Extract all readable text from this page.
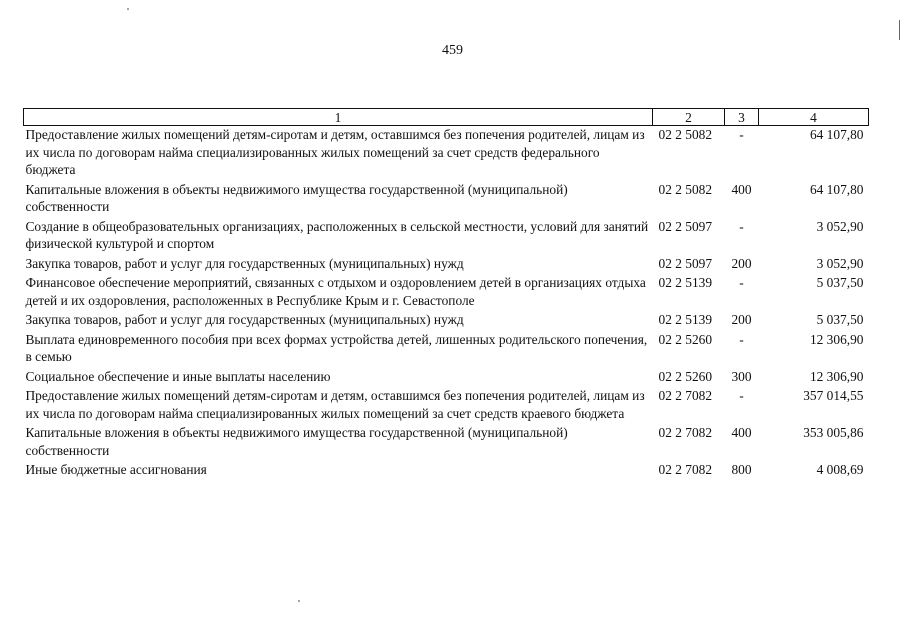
459
1	2	3	4
Предоставление жилых помещений детям-сиротам и детям, оставшимся без попечения родителей, лицам из их числа по договорам найма специализированных жилых помещений за счет средств федерального бюджета	02 2 5082	-	64 107,80
Капитальные вложения в объекты недвижимого имущества государственной (муниципальной) собственности	02 2 5082	400	64 107,80
Создание в общеобразовательных организациях, расположенных в сельской местности, условий для занятий физической культурой и спортом	02 2 5097	-	3 052,90
Закупка товаров, работ и услуг для государственных (муниципальных) нужд	02 2 5097	200	3 052,90
Финансовое обеспечение мероприятий, связанных с отдыхом и оздоровлением детей в организациях отдыха детей и их оздоровления, расположенных в Республике Крым и г. Севастополе	02 2 5139	-	5 037,50
Закупка товаров, работ и услуг для государственных (муниципальных) нужд	02 2 5139	200	5 037,50
Выплата единовременного пособия при всех формах устройства детей, лишенных родительского попечения, в семью	02 2 5260	-	12 306,90
Социальное обеспечение и иные выплаты населению	02 2 5260	300	12 306,90
Предоставление жилых помещений детям-сиротам и детям, оставшимся без попечения родителей, лицам из их числа по договорам найма специализированных жилых помещений за счет средств краевого бюджета	02 2 7082	-	357 014,55
Капитальные вложения в объекты недвижимого имущества государственной (муниципальной) собственности	02 2 7082	400	353 005,86
Иные бюджетные ассигнования	02 2 7082	800	4 008,69
